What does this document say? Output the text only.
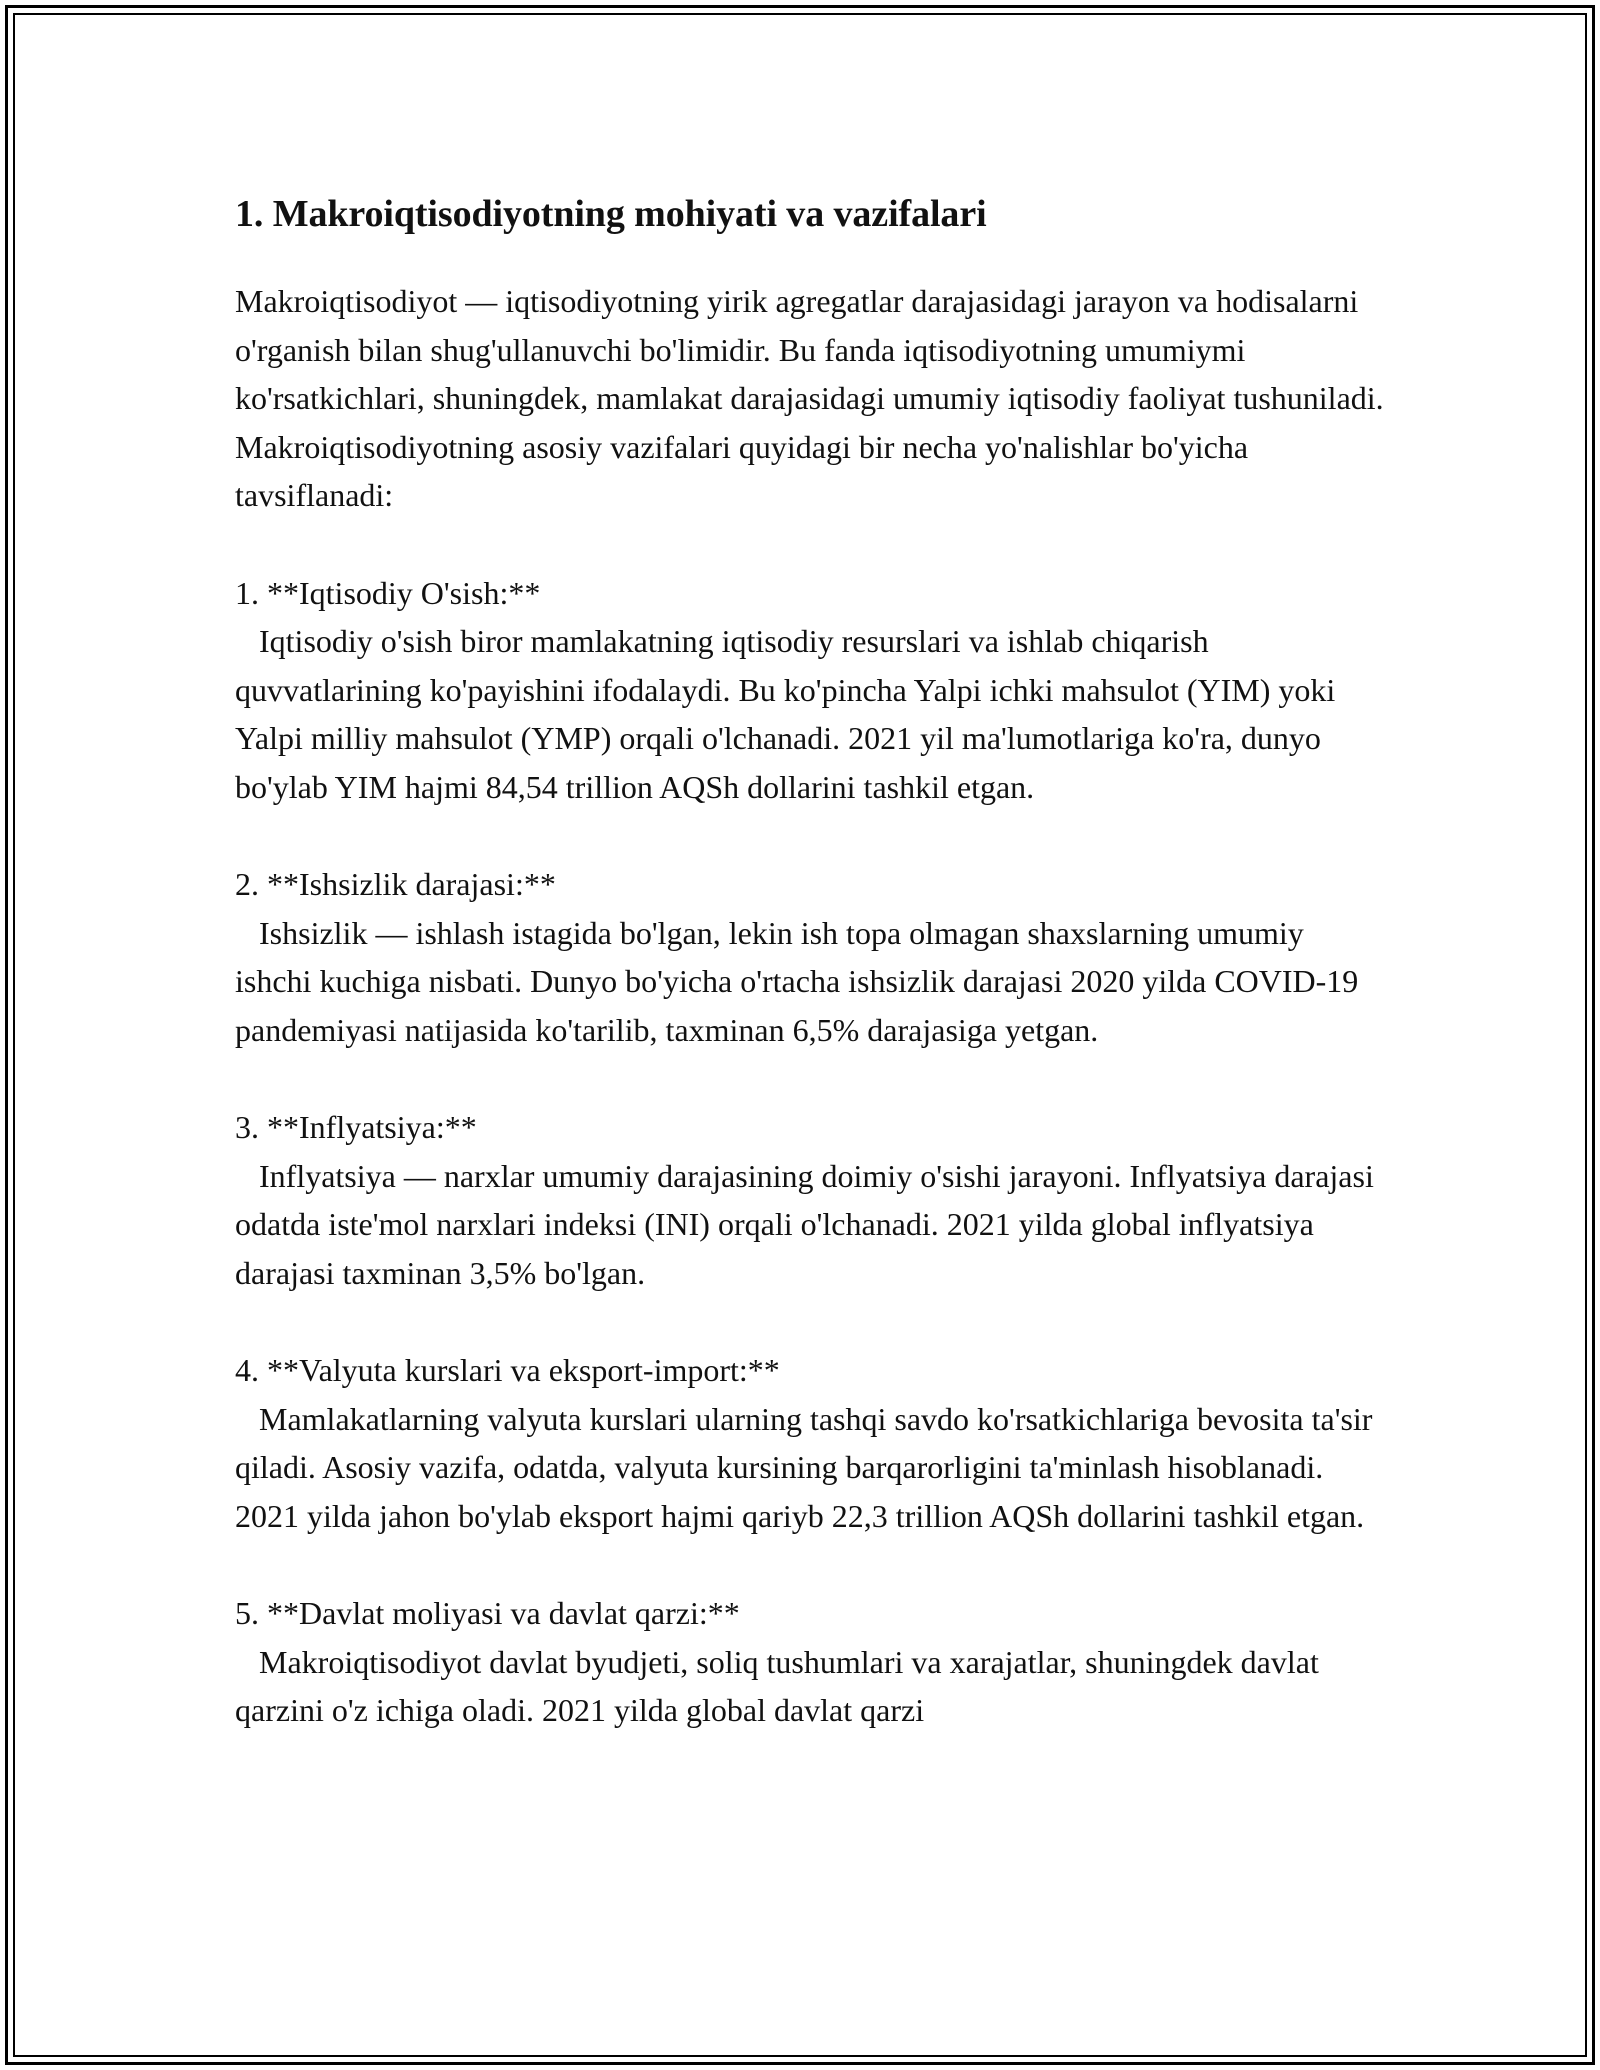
1. Makroiqtisodiyotning mohiyati va vazifalari

Makroiqtisodiyot — iqtisodiyotning yirik agregatlar darajasidagi jarayon va hodisalarni o'rganish bilan shug'ullanuvchi bo'limidir. Bu fanda iqtisodiyotning umumiymi ko'rsatkichlari, shuningdek, mamlakat darajasidagi umumiy iqtisodiy faoliyat tushuniladi. Makroiqtisodiyotning asosiy vazifalari quyidagi bir necha yo'nalishlar bo'yicha tavsiflanadi:

1. **Iqtisodiy O'sish:**

Iqtisodiy o'sish biror mamlakatning iqtisodiy resurslari va ishlab chiqarish quvvatlarining ko'payishini ifodalaydi. Bu ko'pincha Yalpi ichki mahsulot (YIM) yoki Yalpi milliy mahsulot (YMP) orqali o'lchanadi. 2021 yil ma'lumotlariga ko'ra, dunyo bo'ylab YIM hajmi 84,54 trillion AQSh dollarini tashkil etgan.

2. **Ishsizlik darajasi:**

Ishsizlik — ishlash istagida bo'lgan, lekin ish topa olmagan shaxslarning umumiy ishchi kuchiga nisbati. Dunyo bo'yicha o'rtacha ishsizlik darajasi 2020 yilda COVID-19 pandemiyasi natijasida ko'tarilib, taxminan 6,5% darajasiga yetgan.

3. **Inflyatsiya:**

Inflyatsiya — narxlar umumiy darajasining doimiy o'sishi jarayoni. Inflyatsiya darajasi odatda iste'mol narxlari indeksi (INI) orqali o'lchanadi. 2021 yilda global inflyatsiya darajasi taxminan 3,5% bo'lgan.

4. **Valyuta kurslari va eksport-import:**

Mamlakatlarning valyuta kurslari ularning tashqi savdo ko'rsatkichlariga bevosita ta'sir qiladi. Asosiy vazifa, odatda, valyuta kursining barqarorligini ta'minlash hisoblanadi. 2021 yilda jahon bo'ylab eksport hajmi qariyb 22,3 trillion AQSh dollarini tashkil etgan.

5. **Davlat moliyasi va davlat qarzi:**

Makroiqtisodiyot davlat byudjeti, soliq tushumlari va xarajatlar, shuningdek davlat qarzini o'z ichiga oladi. 2021 yilda global davlat qarzi
